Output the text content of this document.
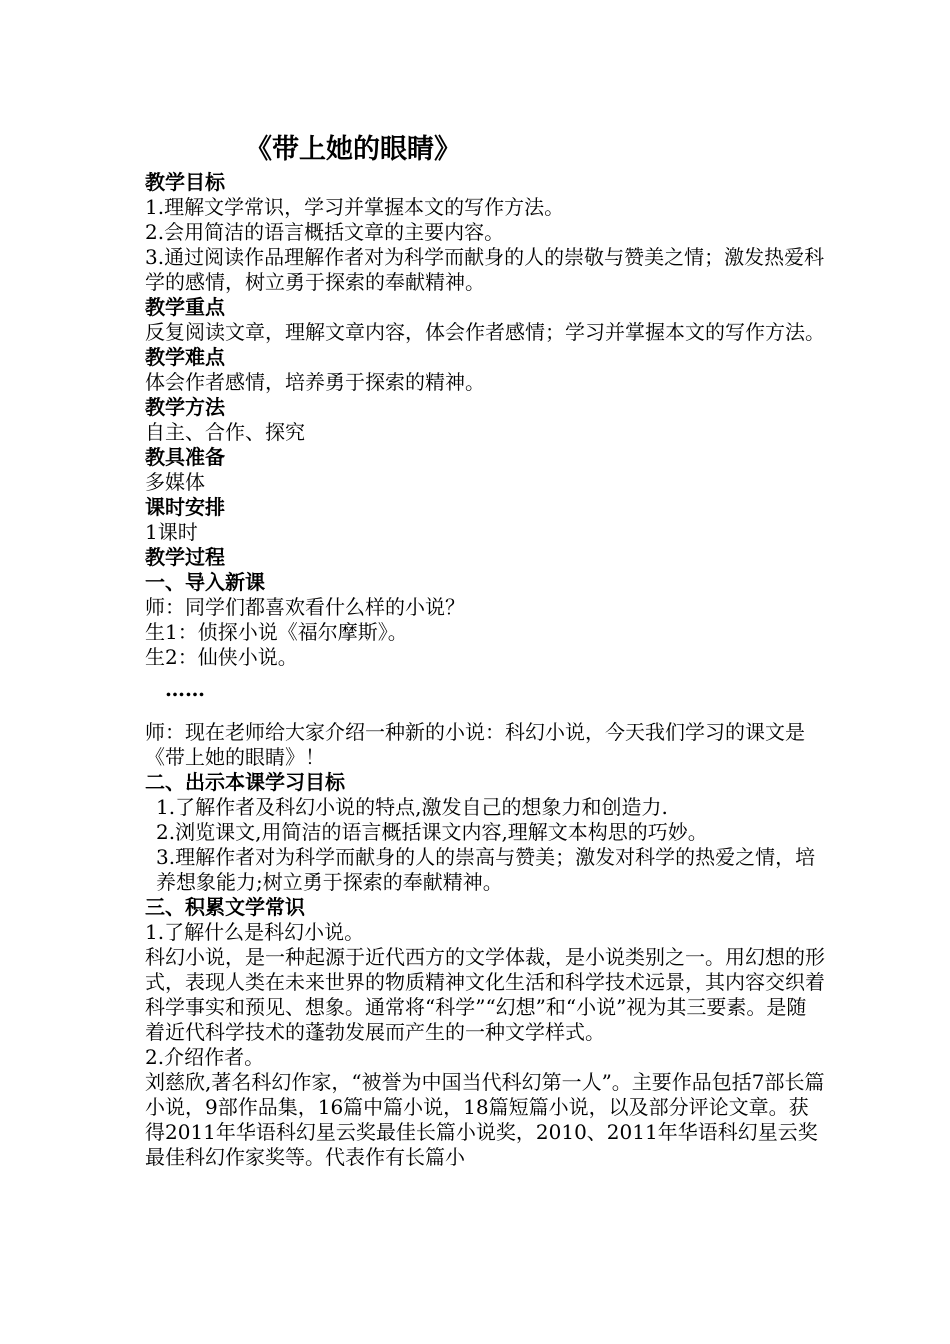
《带上她的眼睛》
教学目标
1.理解文学常识，学习并掌握本文的写作方法。
2.会用简洁的语言概括文章的主要内容。
3.通过阅读作品理解作者对为科学而献身的人的崇敬与赞美之情；激发热爱科学的感情，树立勇于探索的奉献精神。
教学重点
反复阅读文章，理解文章内容，体会作者感情；学习并掌握本文的写作方法。
教学难点
体会作者感情，培养勇于探索的精神。
教学方法
自主、合作、探究
教具准备
多媒体
课时安排
1课时
教学过程
一、导入新课
师：同学们都喜欢看什么样的小说？
生1：侦探小说《福尔摩斯》。
生2：仙侠小说。
……
师：现在老师给大家介绍一种新的小说：科幻小说，今天我们学习的课文是《带上她的眼睛》！
二、出示本课学习目标
1.了解作者及科幻小说的特点,激发自己的想象力和创造力.
2.浏览课文,用简洁的语言概括课文内容,理解文本构思的巧妙。
3.理解作者对为科学而献身的人的崇高与赞美；激发对科学的热爱之情，培养想象能力;树立勇于探索的奉献精神。
三、积累文学常识
1.了解什么是科幻小说。
科幻小说，是一种起源于近代西方的文学体裁，是小说类别之一。用幻想的形式，表现人类在未来世界的物质精神文化生活和科学技术远景，其内容交织着科学事实和预见、想象。通常将“科学”“幻想”和“小说”视为其三要素。是随着近代科学技术的蓬勃发展而产生的一种文学样式。
2.介绍作者。
刘慈欣,著名科幻作家，“被誉为中国当代科幻第一人”。主要作品包括7部长篇小说，9部作品集，16篇中篇小说，18篇短篇小说，以及部分评论文章。获得2011年华语科幻星云奖最佳长篇小说奖，2010、2011年华语科幻星云奖最佳科幻作家奖等。代表作有长篇小
